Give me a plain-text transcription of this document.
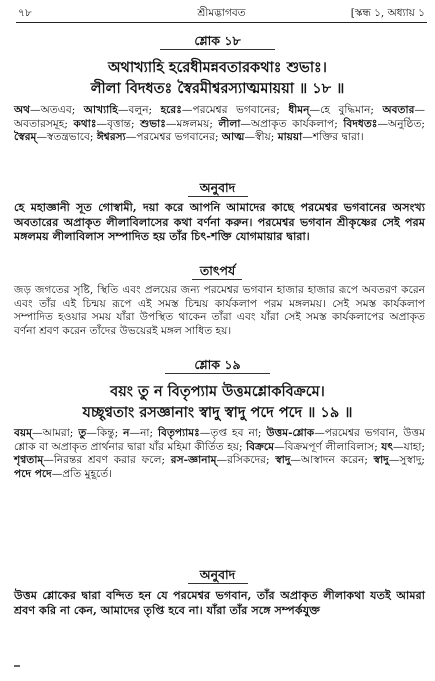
৭৮	শ্রীমদ্ভাগবত	[স্কন্ধ ১, অধ্যায় ১
শ্লোক ১৮
অথাখ্যাহি হরেধীমন্নবতারকথাঃ শুভাঃ।
লীলা বিদধতঃ স্বৈরমীশ্বরস্যাত্মমায়য়া ॥ ১৮ ॥
অথ—অতএব; আখ্যাহি—বলুন; হরেঃ—পরমেশ্বর ভগবানের; ধীমন্—হে বুদ্ধিমান; অবতার—অবতারসমূহ; কথাঃ—বৃত্তান্ত; শুভাঃ—মঙ্গলময়; লীলা—অপ্রাকৃত কার্যকলাপ; বিদধতঃ—অনুষ্ঠিত; স্বৈরম্—স্বতন্ত্রভাবে; ঈশ্বরস্য—পরমেশ্বর ভগবানের; আত্ম—স্বীয়; মায়য়া—শক্তির দ্বারা।
অনুবাদ
হে মহাজ্ঞানী সূত গোস্বামী, দয়া করে আপনি আমাদের কাছে পরমেশ্বর ভগবানের অসংখ্য অবতারের অপ্রাকৃত লীলাবিলাসের কথা বর্ণনা করুন। পরমেশ্বর ভগবান শ্রীকৃষ্ণের সেই পরম মঙ্গলময় লীলাবিলাস সম্পাদিত হয় তাঁর চিৎ-শক্তি যোগমায়ার দ্বারা।
তাৎপর্য
জড় জগতের সৃষ্টি, স্থিতি এবং প্রলয়ের জন্য পরমেশ্বর ভগবান হাজার হাজার রূপে অবতরণ করেন এবং তাঁর এই চিন্ময় রূপে এই সমস্ত চিন্ময় কার্যকলাপ পরম মঙ্গলময়। সেই সমস্ত কার্যকলাপ সম্পাদিত হওয়ার সময় যাঁরা উপস্থিত থাকেন তাঁরা এবং যাঁরা সেই সমস্ত কার্যকলাপের অপ্রাকৃত বর্ণনা শ্রবণ করেন তাঁদের উভয়েরই মঙ্গল সাধিত হয়।
শ্লোক ১৯
বয়ং তু ন বিতৃপ্যাম উত্তমশ্লোকবিক্রমে।
যচ্ছৃণ্বতাং রসজ্ঞানাং স্বাদু স্বাদু পদে পদে ॥ ১৯ ॥
বয়ম্—আমরা; তু—কিন্তু; ন—না; বিতৃপ্যামঃ—তৃপ্ত হব না; উত্তম-শ্লোক—পরমেশ্বর ভগবান, উত্তম শ্লোক বা অপ্রাকৃত প্রার্থনার দ্বারা যাঁর মহিমা কীর্তিত হয়; বিক্রমে—বিক্রমপূর্ণ লীলাবিলাস; যৎ—যাহা; শৃণ্বতাম্—নিরন্তর শ্রবণ করার ফলে; রস-জ্ঞানাম্—রসিকদের; স্বাদু—আস্বাদন করেন; স্বাদু—সুস্বাদু; পদে পদে—প্রতি মুহূর্তে।
অনুবাদ
উত্তম শ্লোকের দ্বারা বন্দিত হন যে পরমেশ্বর ভগবান, তাঁর অপ্রাকৃত লীলাকথা যতই আমরা শ্রবণ করি না কেন, আমাদের তৃপ্তি হবে না। যাঁরা তাঁর সঙ্গে সম্পর্কযুক্ত
